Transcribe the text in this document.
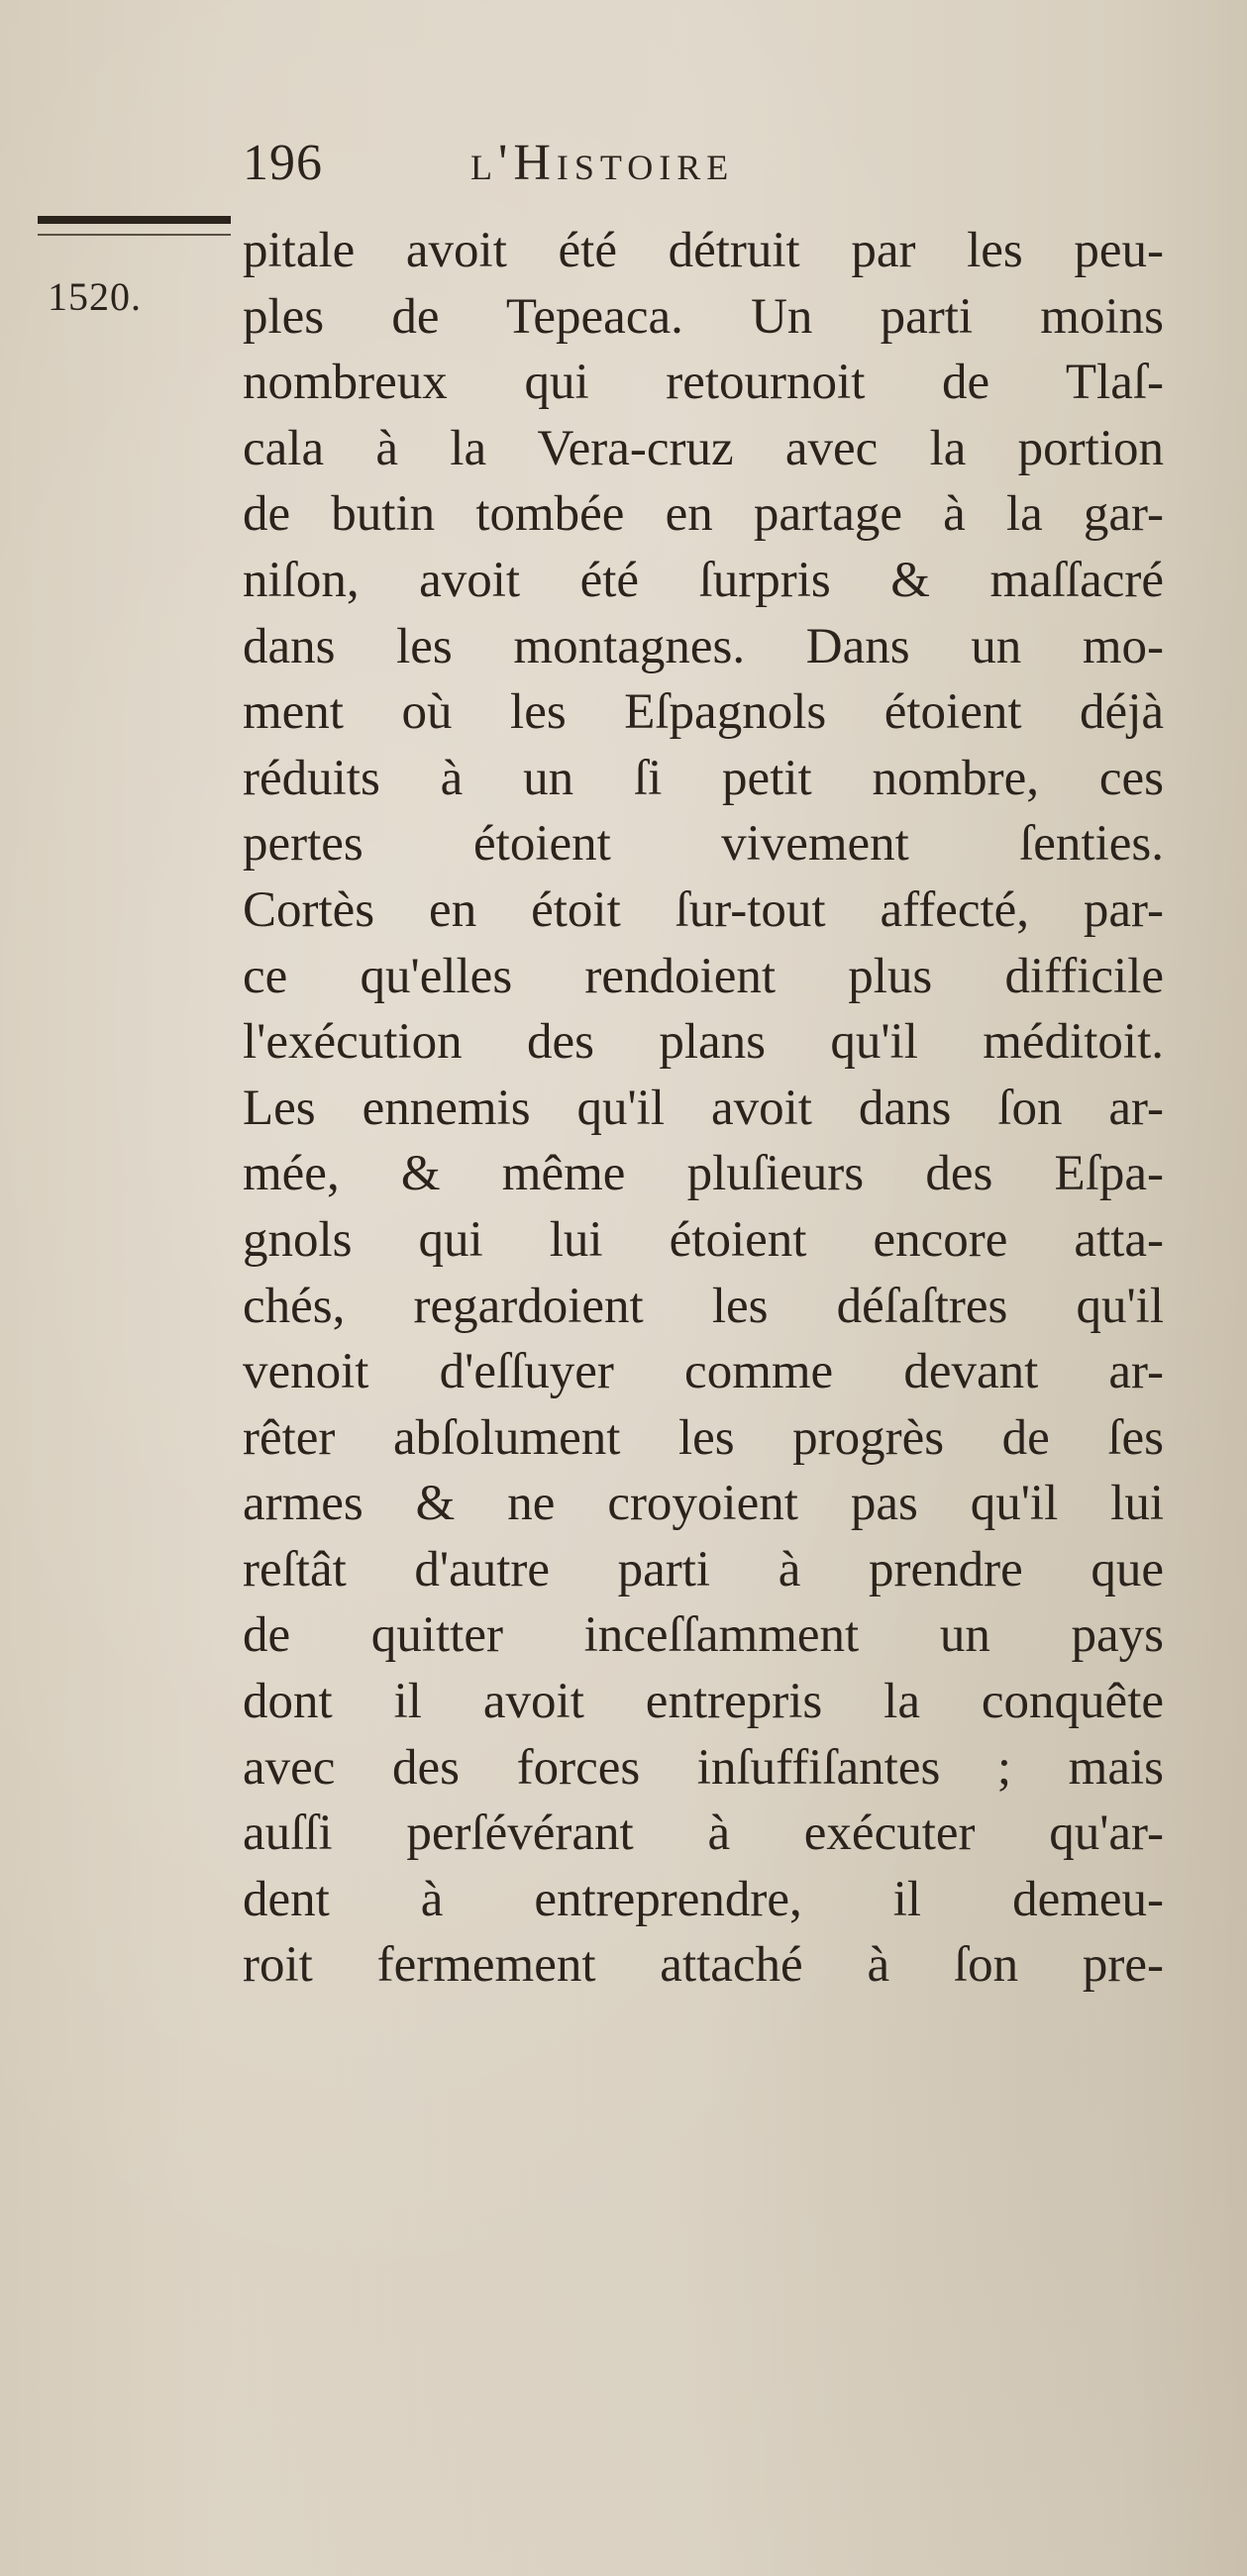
196	l'Histoire
1520.
pitale avoit été détruit par les peu-
ples de Tepeaca. Un parti moins
nombreux qui retournoit de Tlaſ-
cala à la Vera-cruz avec la portion
de butin tombée en partage à la gar-
niſon, avoit été ſurpris & maſſacré
dans les montagnes. Dans un mo-
ment où les Eſpagnols étoient déjà
réduits à un ſi petit nombre, ces
pertes étoient vivement ſenties.
Cortès en étoit ſur-tout affecté, par-
ce qu'elles rendoient plus difficile
l'exécution des plans qu'il méditoit.
Les ennemis qu'il avoit dans ſon ar-
mée, & même pluſieurs des Eſpa-
gnols qui lui étoient encore atta-
chés, regardoient les déſaſtres qu'il
venoit d'eſſuyer comme devant ar-
rêter abſolument les progrès de ſes
armes & ne croyoient pas qu'il lui
reſtât d'autre parti à prendre que
de quitter inceſſamment un pays
dont il avoit entrepris la conquête
avec des forces inſuffiſantes ; mais
auſſi perſévérant à exécuter qu'ar-
dent à entreprendre, il demeu-
roit fermement attaché à ſon pre-
